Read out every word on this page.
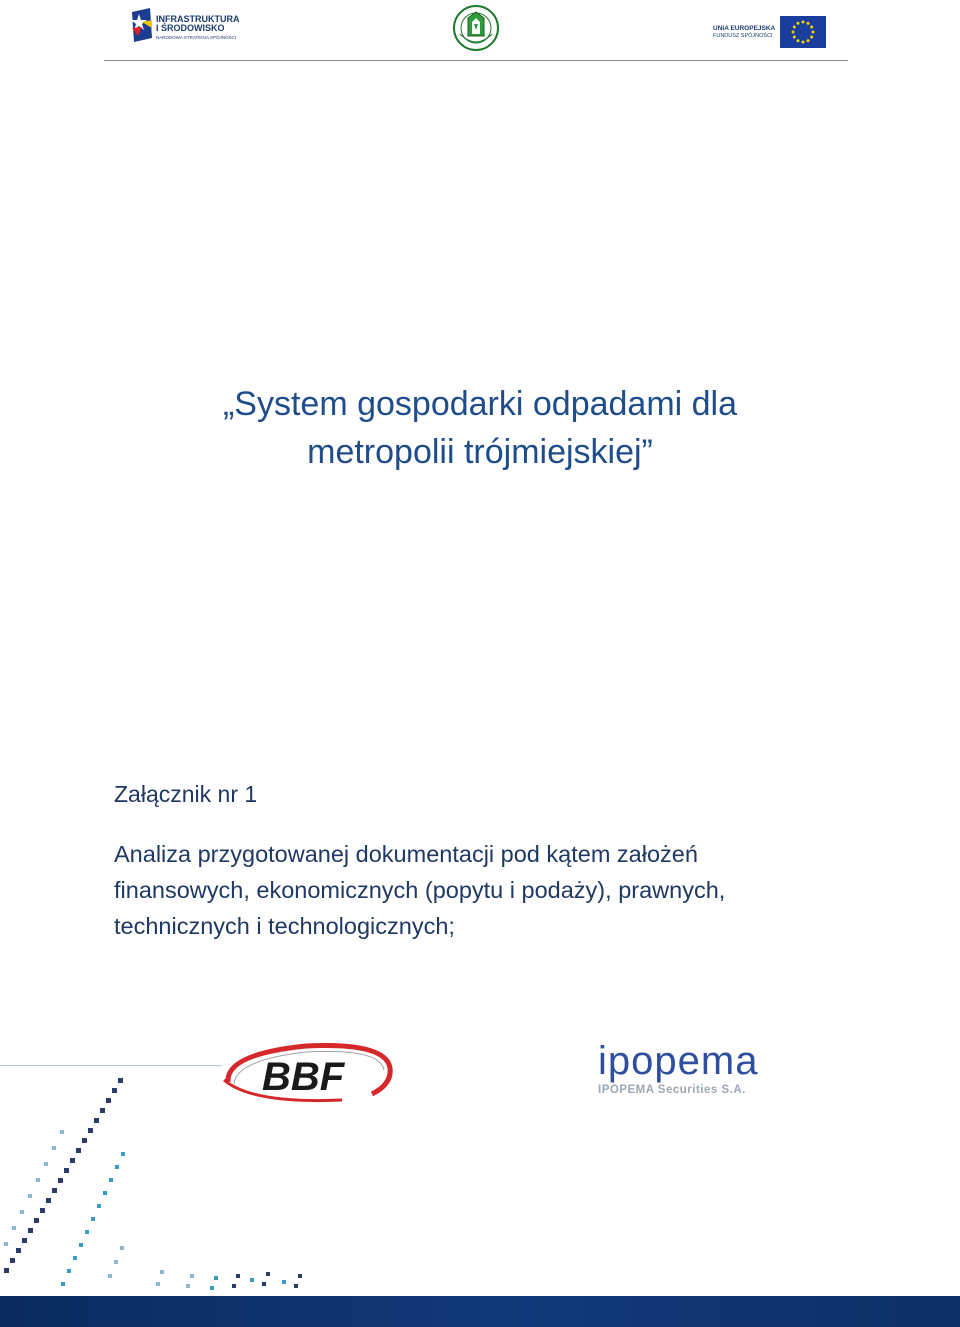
INFRASTRUKTURA
I ŚRODOWISKO
NARODOWA STRATEGIA SPÓJNOŚCI
UNIA EUROPEJSKA
FUNDUSZ SPÓJNOŚCI
„System gospodarki odpadami dla
metropolii trójmiejskiej”
Załącznik nr 1
Analiza przygotowanej dokumentacji pod kątem założeń
finansowych, ekonomicznych (popytu i podaży), prawnych,
technicznych i technologicznych;
BBF	ipopema
IPOPEMA Securities S.A.
